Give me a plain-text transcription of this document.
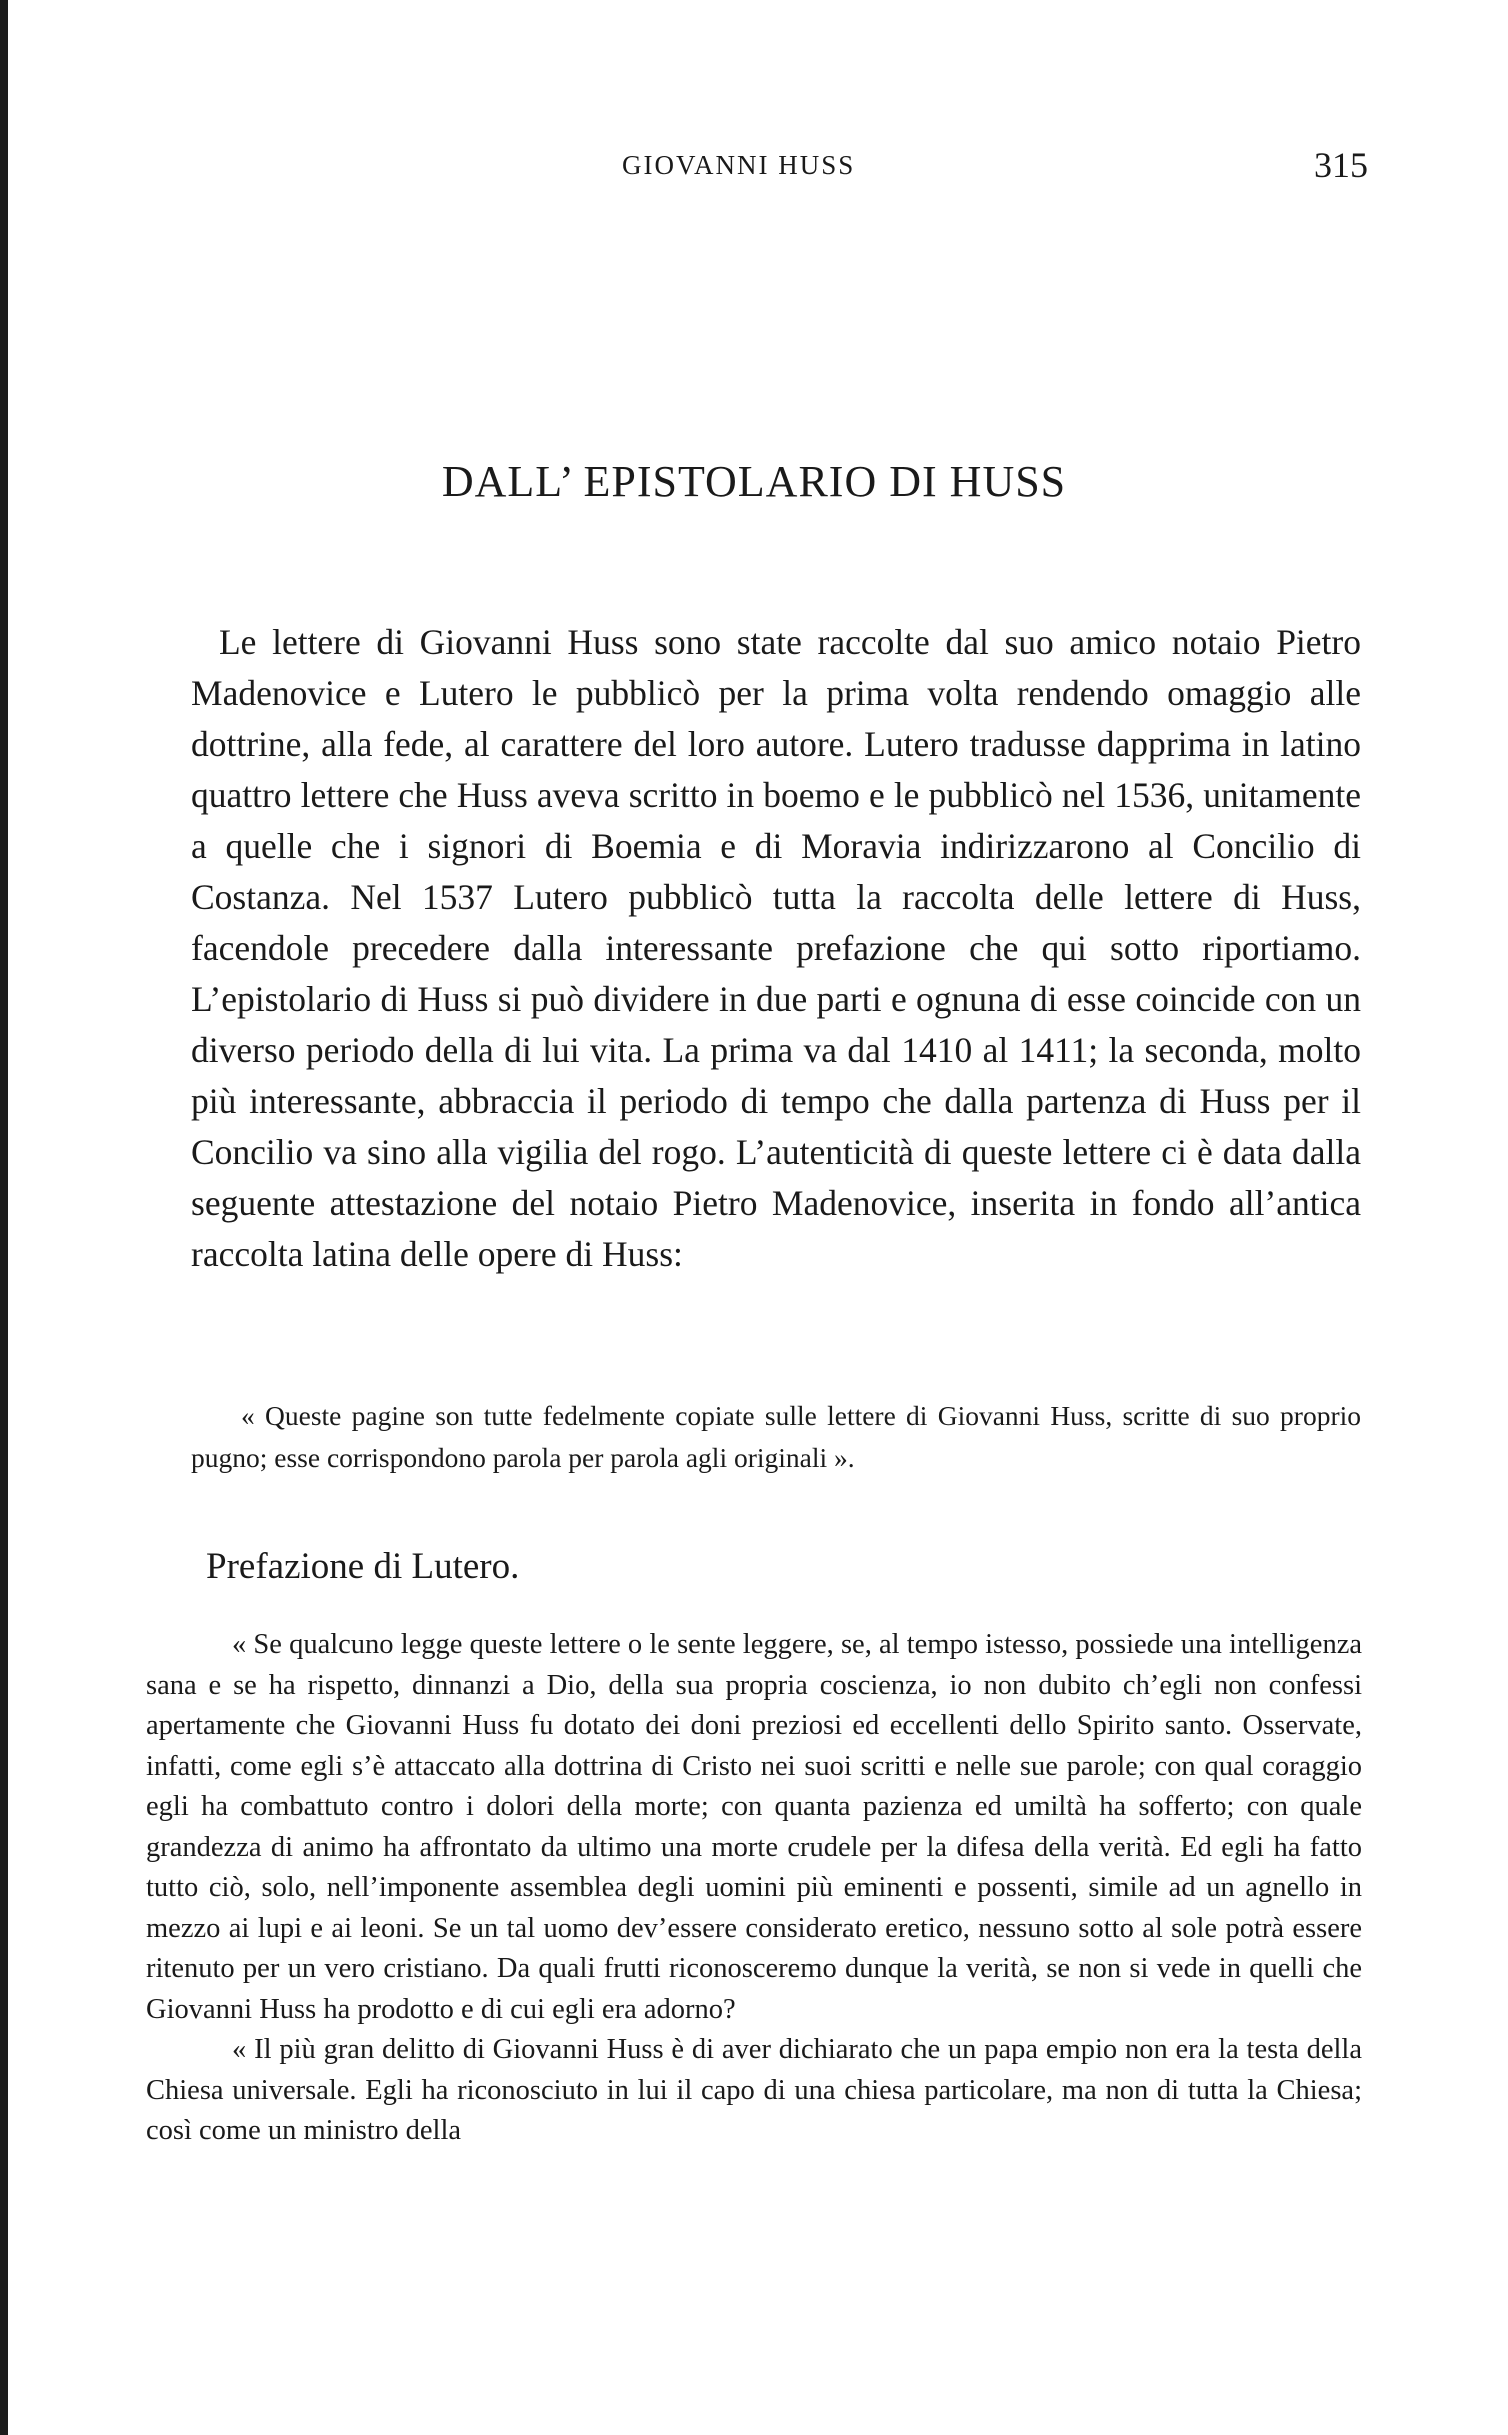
GIOVANNI HUSS	315
DALL’ EPISTOLARIO DI HUSS

Le lettere di Giovanni Huss sono state raccolte dal suo amico notaio Pietro Madenovice e Lutero le pubblicò per la prima volta rendendo omaggio alle dottrine, alla fede, al carattere del loro autore. Lutero tradusse dapprima in latino quattro lettere che Huss aveva scritto in boemo e le pubblicò nel 1536, unitamente a quelle che i signori di Boemia e di Moravia indirizzarono al Concilio di Costanza. Nel 1537 Lutero pubblicò tutta la raccolta delle lettere di Huss, facendole precedere dalla interessante prefazione che qui sotto riportiamo. L’epistolario di Huss si può dividere in due parti e ognuna di esse coincide con un diverso periodo della di lui vita. La prima va dal 1410 al 1411; la seconda, molto più interessante, abbraccia il periodo di tempo che dalla partenza di Huss per il Concilio va sino alla vigilia del rogo. L’autenticità di queste lettere ci è data dalla seguente attestazione del notaio Pietro Madenovice, inserita in fondo all’antica raccolta latina delle opere di Huss:

« Queste pagine son tutte fedelmente copiate sulle lettere di Giovanni Huss, scritte di suo proprio pugno; esse corrispondono parola per parola agli originali ».

Prefazione di Lutero.

« Se qualcuno legge queste lettere o le sente leggere, se, al tempo istesso, possiede una intelligenza sana e se ha rispetto, dinnanzi a Dio, della sua propria coscienza, io non dubito ch’egli non confessi apertamente che Giovanni Huss fu dotato dei doni preziosi ed eccellenti dello Spirito santo. Osservate, infatti, come egli s’è attaccato alla dottrina di Cristo nei suoi scritti e nelle sue parole; con qual coraggio egli ha combattuto contro i dolori della morte; con quanta pazienza ed umiltà ha sofferto; con quale grandezza di animo ha affrontato da ultimo una morte crudele per la difesa della verità. Ed egli ha fatto tutto ciò, solo, nell’imponente assemblea degli uomini più eminenti e possenti, simile ad un agnello in mezzo ai lupi e ai leoni. Se un tal uomo dev’essere considerato eretico, nessuno sotto al sole potrà essere ritenuto per un vero cristiano. Da quali frutti riconosceremo dunque la verità, se non si vede in quelli che Giovanni Huss ha prodotto e di cui egli era adorno?

« Il più gran delitto di Giovanni Huss è di aver dichiarato che un papa empio non era la testa della Chiesa universale. Egli ha riconosciuto in lui il capo di una chiesa particolare, ma non di tutta la Chiesa; così come un ministro della
